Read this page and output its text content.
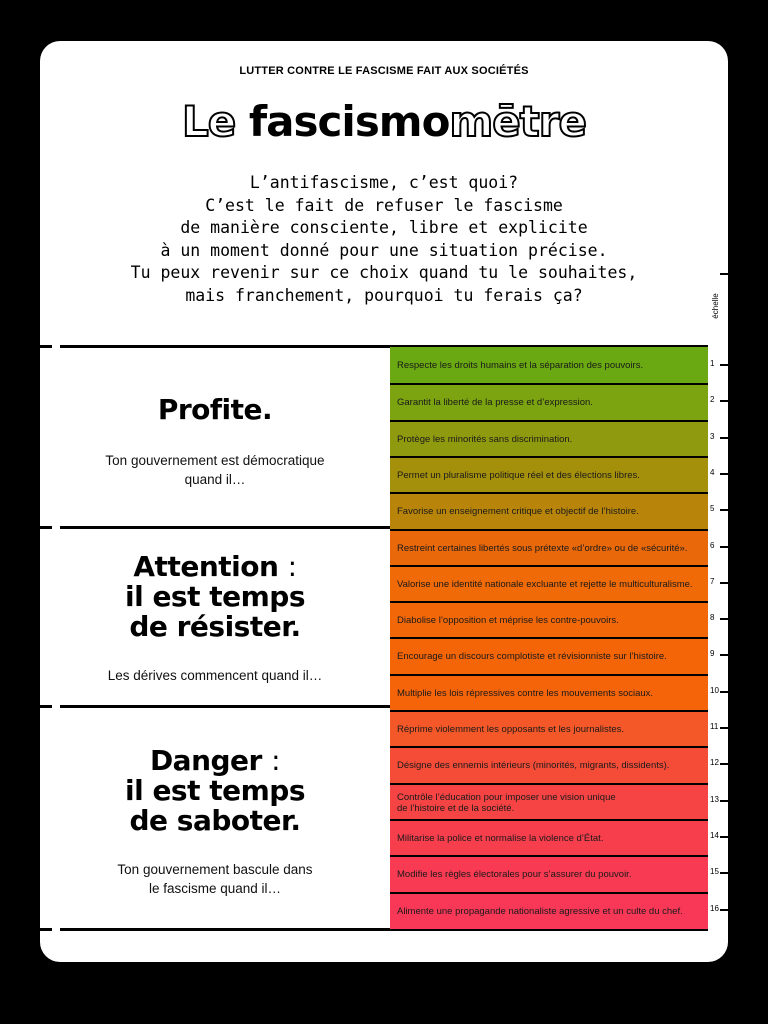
LUTTER CONTRE LE FASCISME FAIT AUX SOCIÉTÉS
Le fascismomētre
L’antifascisme, c’est quoi?
C’est le fait de refuser le fascisme
de manière consciente, libre et explicite
à un moment donné pour une situation précise.
Tu peux revenir sur ce choix quand tu le souhaites,
mais franchement, pourquoi tu ferais ça?	échelle
Profite.
Ton gouvernement est démocratique quand il…
Attention :
il est temps
de résister.
Les dérives commencent quand il…
Danger :
il est temps
de saboter.
Ton gouvernement bascule dans le fascisme quand il…
Respecte les droits humains et la séparation des pouvoirs.
Garantit la liberté de la presse et d’expression.
Protège les minorités sans discrimination.
Permet un pluralisme politique réel et des élections libres.
Favorise un enseignement critique et objectif de l’histoire.
Restreint certaines libertés sous prétexte «d’ordre» ou de «sécurité».
Valorise une identité nationale excluante et rejette le multiculturalisme.
Diabolise l’opposition et méprise les contre-pouvoirs.
Encourage un discours complotiste et révisionniste sur l’histoire.
Multiplie les lois répressives contre les mouvements sociaux.
Réprime violemment les opposants et les journalistes.
Désigne des ennemis intérieurs (minorités, migrants, dissidents).
Contrôle l’éducation pour imposer une vision unique
de l’histoire et de la société.
Militarise la police et normalise la violence d’État.
Modifie les règles électorales pour s’assurer du pouvoir.
Alimente une propagande nationaliste agressive et un culte du chef.
1
2
3
4
5
6
7
8
9
10
11
12
13
14
15
16
